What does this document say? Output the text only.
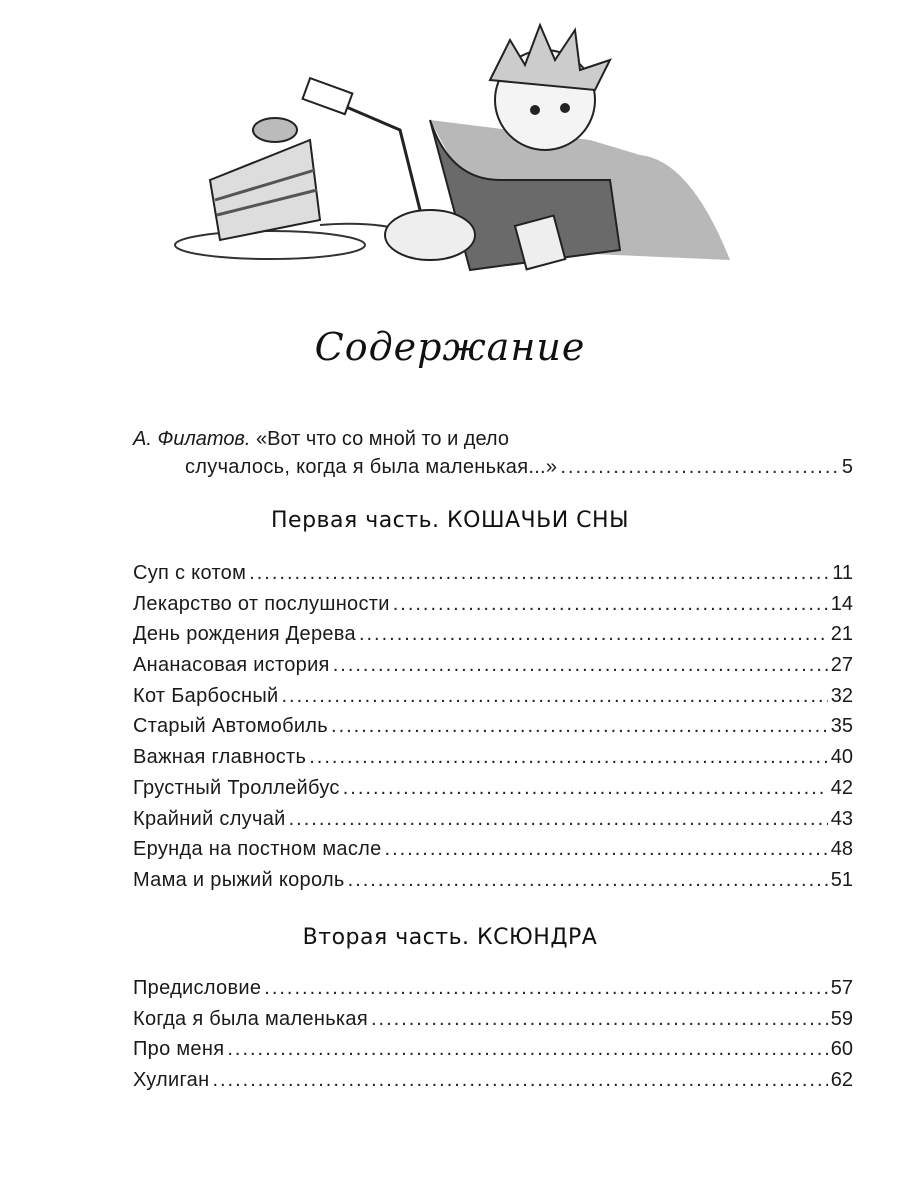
Содержание
А. Филатов. «Вот что со мной то и дело
случалось, когда я была маленькая...» .....	5
Первая часть. КОШАЧЬИ СНЫ
Суп с котом .....	11
Лекарство от послушности .....	14
День рождения Дерева .....	21
Ананасовая история .....	27
Кот Барбосный .....	32
Старый Автомобиль .....	35
Важная главность .....	40
Грустный Троллейбус .....	42
Крайний случай .....	43
Ерунда на постном масле .....	48
Мама и рыжий король .....	51
Вторая часть. КСЮНДРА
Предисловие .....	57
Когда я была маленькая .....	59
Про меня .....	60
Хулиган .....	62
